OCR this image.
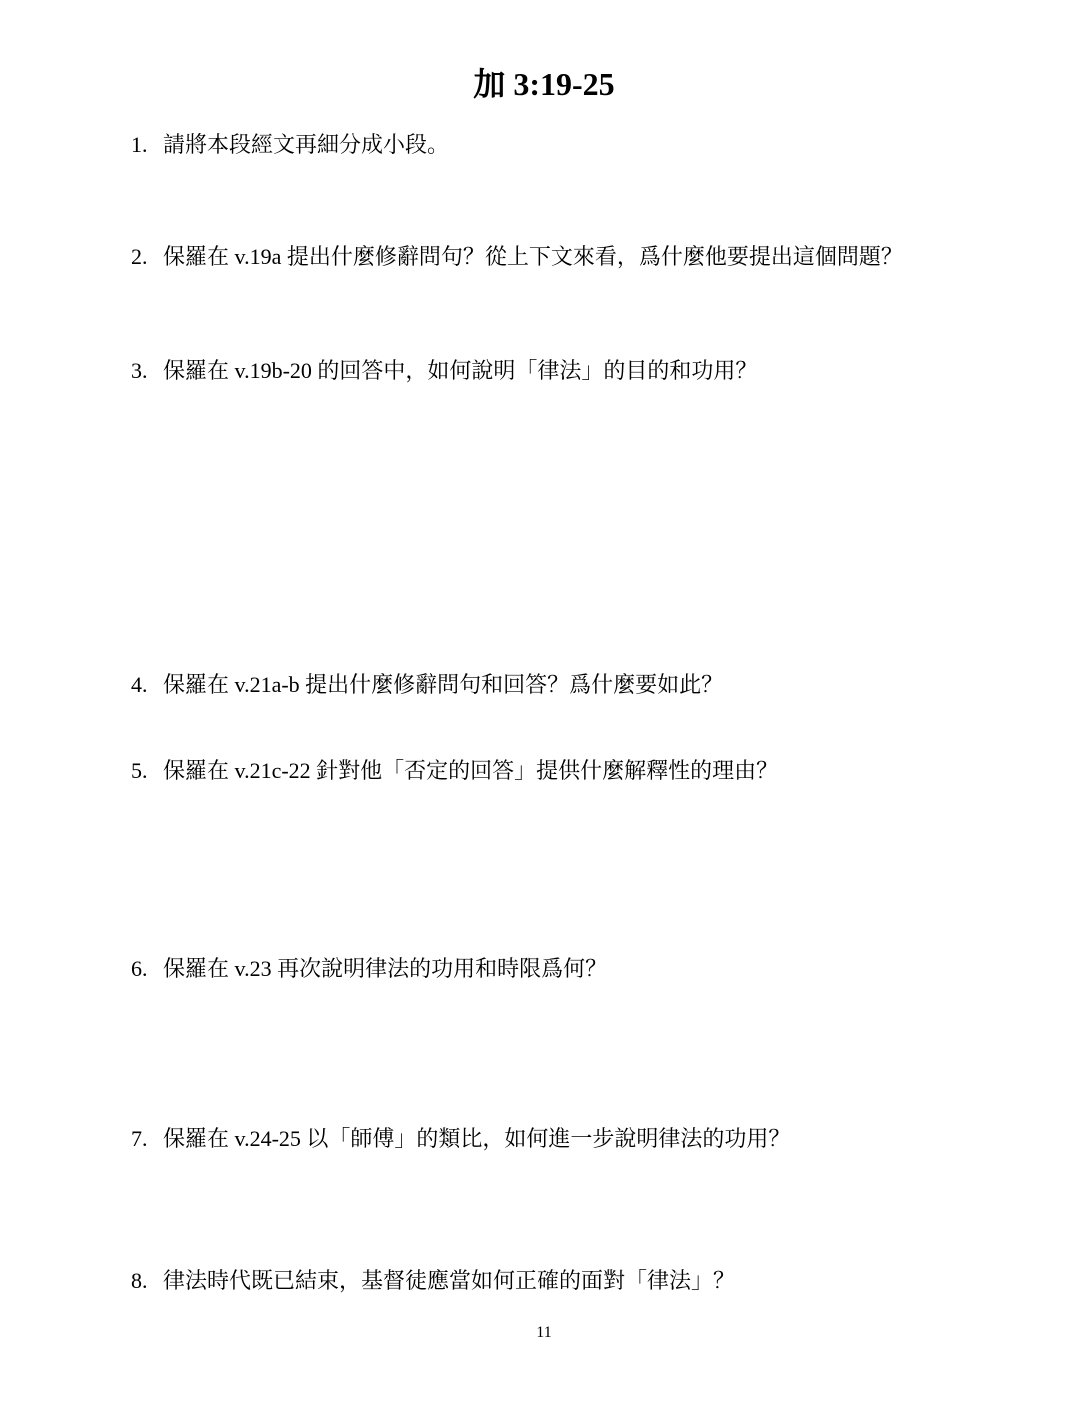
加 3:19-25
1. 請將本段經文再細分成小段。
2. 保羅在 v.19a 提出什麼修辭問句？從上下文來看，爲什麼他要提出這個問題？
3. 保羅在 v.19b-20 的回答中，如何說明「律法」的目的和功用？
4. 保羅在 v.21a-b 提出什麼修辭問句和回答？爲什麼要如此？
5. 保羅在 v.21c-22 針對他「否定的回答」提供什麼解釋性的理由？
6. 保羅在 v.23 再次說明律法的功用和時限爲何？
7. 保羅在 v.24-25 以「師傅」的類比，如何進一步說明律法的功用？
8. 律法時代既已結束，基督徒應當如何正確的面對「律法」？
11
